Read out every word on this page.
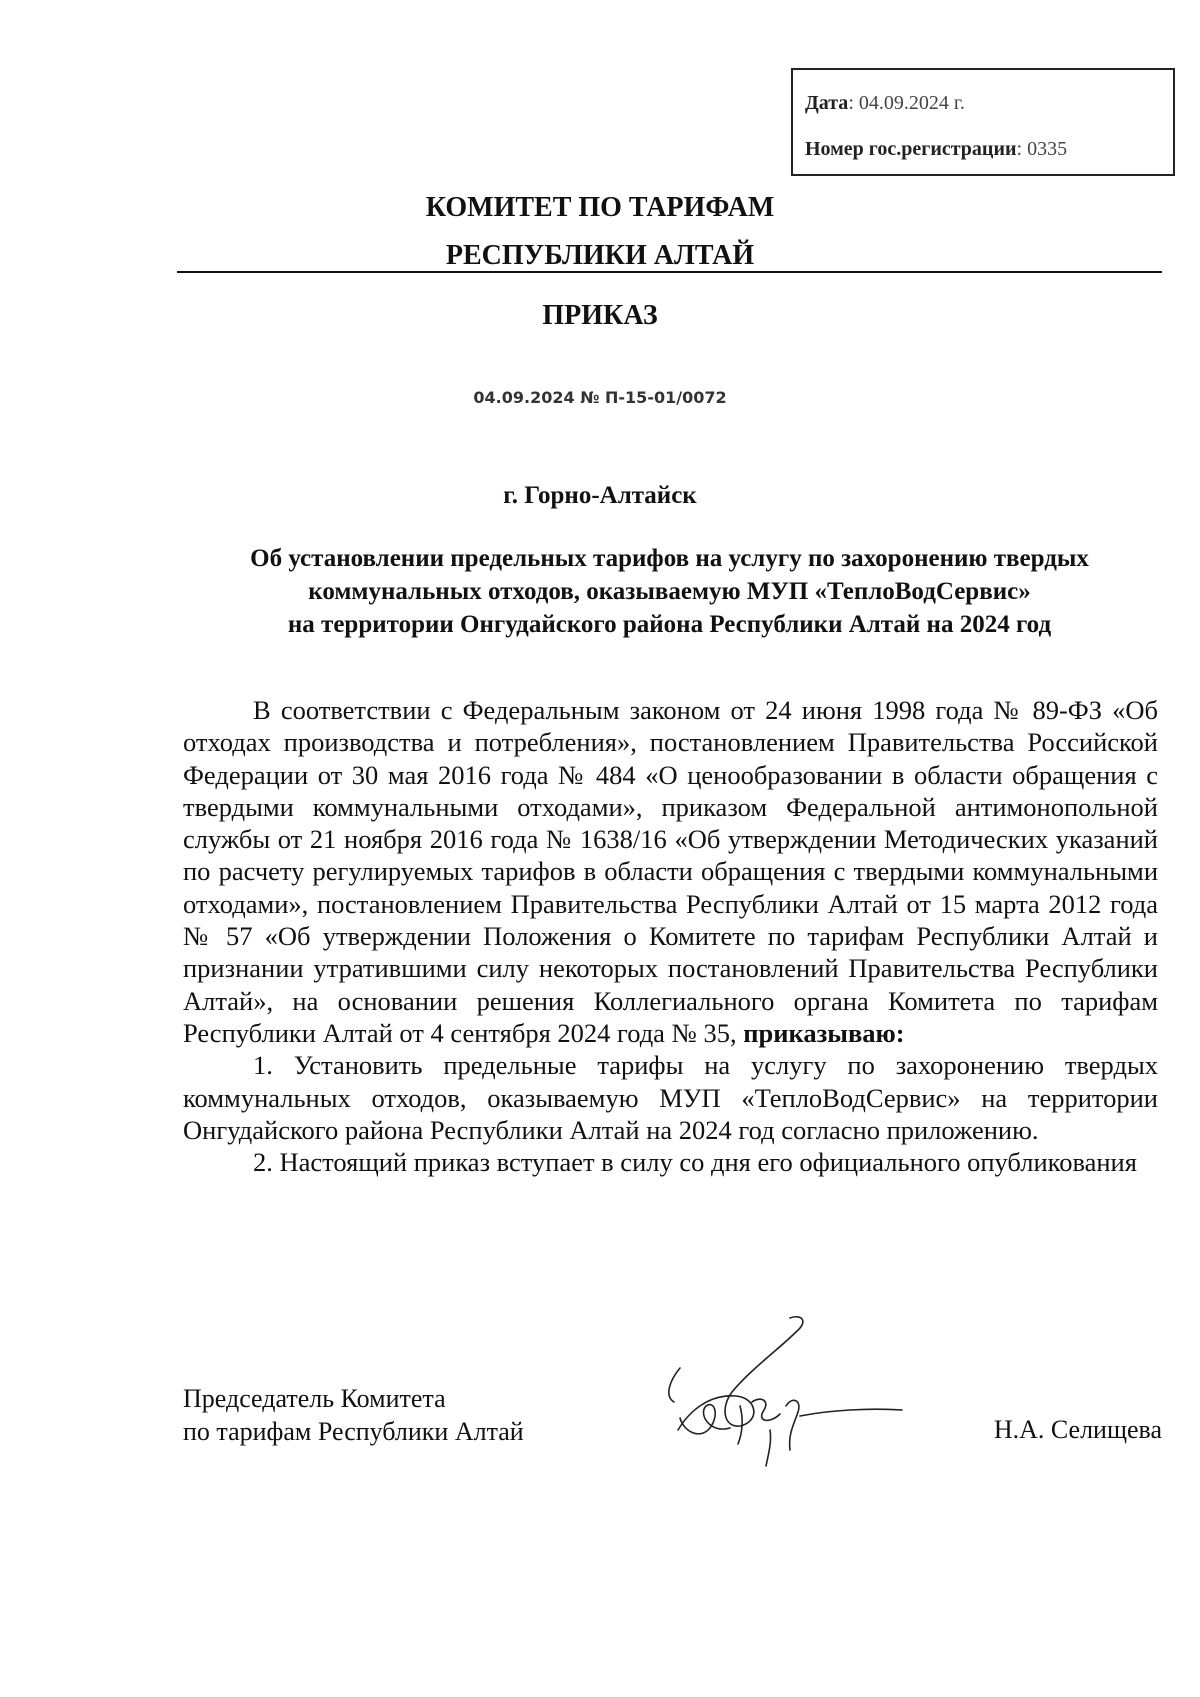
Дата: 04.09.2024 г.
Номер гос.регистрации: 0335
КОМИТЕТ ПО ТАРИФАМ
РЕСПУБЛИКИ АЛТАЙ
ПРИКАЗ
04.09.2024 № П-15-01/0072
г. Горно-Алтайск
Об установлении предельных тарифов на услугу по захоронению твердых
коммунальных отходов, оказываемую МУП «ТеплоВодСервис»
на территории Онгудайского района Республики Алтай на 2024 год

В соответствии с Федеральным законом от 24 июня 1998 года № 89-ФЗ «Об отходах производства и потребления», постановлением Правительства Российской Федерации от 30 мая 2016 года № 484 «О ценообразовании в области обращения с твердыми коммунальными отходами», приказом Федеральной антимонопольной службы от 21 ноября 2016 года № 1638/16 «Об утверждении Методических указаний по расчету регулируемых тарифов в области обращения с твердыми коммунальными отходами», постановлением Правительства Республики Алтай от 15 марта 2012 года № 57 «Об утверждении Положения о Комитете по тарифам Республики Алтай и признании утратившими силу некоторых постановлений Правительства Республики Алтай», на основании решения Коллегиального органа Комитета по тарифам Республики Алтай от 4 сентября 2024 года № 35, приказываю:

1. Установить предельные тарифы на услугу по захоронению твердых коммунальных отходов, оказываемую МУП «ТеплоВодСервис» на территории Онгудайского района Республики Алтай на 2024 год согласно приложению.

2. Настоящий приказ вступает в силу со дня его официального опубликования

Председатель Комитета
по тарифам Республики Алтай	Н.А. Селищева
